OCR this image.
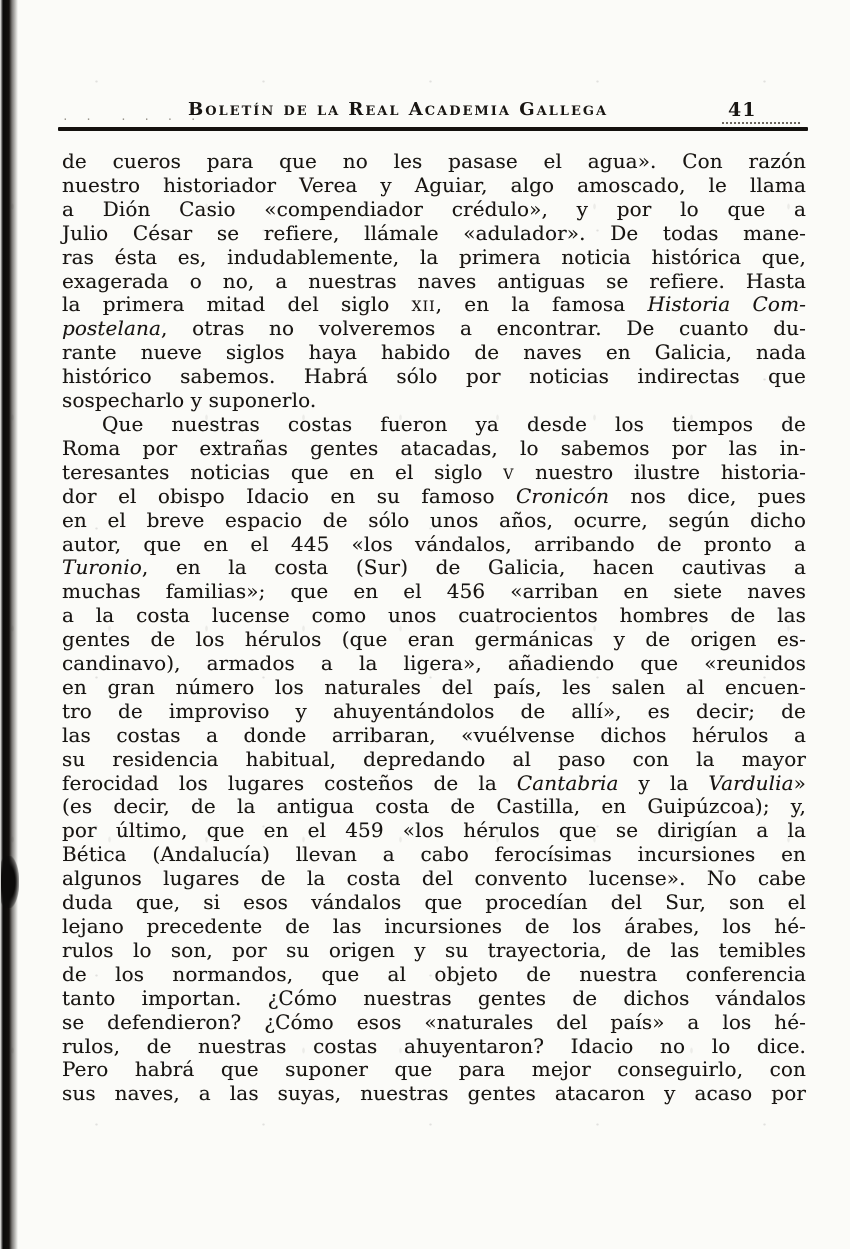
. .  . . . .
Boletín de la Real Academia Gallega	41
de cueros para que no les pasase el agua». Con razón
nuestro historiador Verea y Aguiar, algo amoscado, le llama
a Dión Casio «compendiador crédulo», y por lo que a
Julio César se refiere, llámale «adulador». De todas mane-
ras ésta es, indudablemente, la primera noticia histórica que,
exagerada o no, a nuestras naves antiguas se refiere. Hasta
la primera mitad del siglo xii, en la famosa Historia Com-
postelana, otras no volveremos a encontrar. De cuanto du-
rante nueve siglos haya habido de naves en Galicia, nada
histórico sabemos. Habrá sólo por noticias indirectas que
sospecharlo y suponerlo.
Que nuestras costas fueron ya desde los tiempos de
Roma por extrañas gentes atacadas, lo sabemos por las in-
teresantes noticias que en el siglo v nuestro ilustre historia-
dor el obispo Idacio en su famoso Cronicón nos dice, pues
en el breve espacio de sólo unos años, ocurre, según dicho
autor, que en el 445 «los vándalos, arribando de pronto a
Turonio, en la costa (Sur) de Galicia, hacen cautivas a
muchas familias»; que en el 456 «arriban en siete naves
a la costa lucense como unos cuatrocientos hombres de las
gentes de los hérulos (que eran germánicas y de origen es-
candinavo), armados a la ligera», añadiendo que «reunidos
en gran número los naturales del país, les salen al encuen-
tro de improviso y ahuyentándolos de allí», es decir; de
las costas a donde arribaran, «vuélvense dichos hérulos a
su residencia habitual, depredando al paso con la mayor
ferocidad los lugares costeños de la Cantabria y la Vardulia»
(es decir, de la antigua costa de Castilla, en Guipúzcoa); y,
por último, que en el 459 «los hérulos que se dirigían a la
Bética (Andalucía) llevan a cabo ferocísimas incursiones en
algunos lugares de la costa del convento lucense». No cabe
duda que, si esos vándalos que procedían del Sur, son el
lejano precedente de las incursiones de los árabes, los hé-
rulos lo son, por su origen y su trayectoria, de las temibles
de los normandos, que al objeto de nuestra conferencia
tanto importan. ¿Cómo nuestras gentes de dichos vándalos
se defendieron? ¿Cómo esos «naturales del país» a los hé-
rulos, de nuestras costas ahuyentaron? Idacio no lo dice.
Pero habrá que suponer que para mejor conseguirlo, con
sus naves, a las suyas, nuestras gentes atacaron y acaso por
